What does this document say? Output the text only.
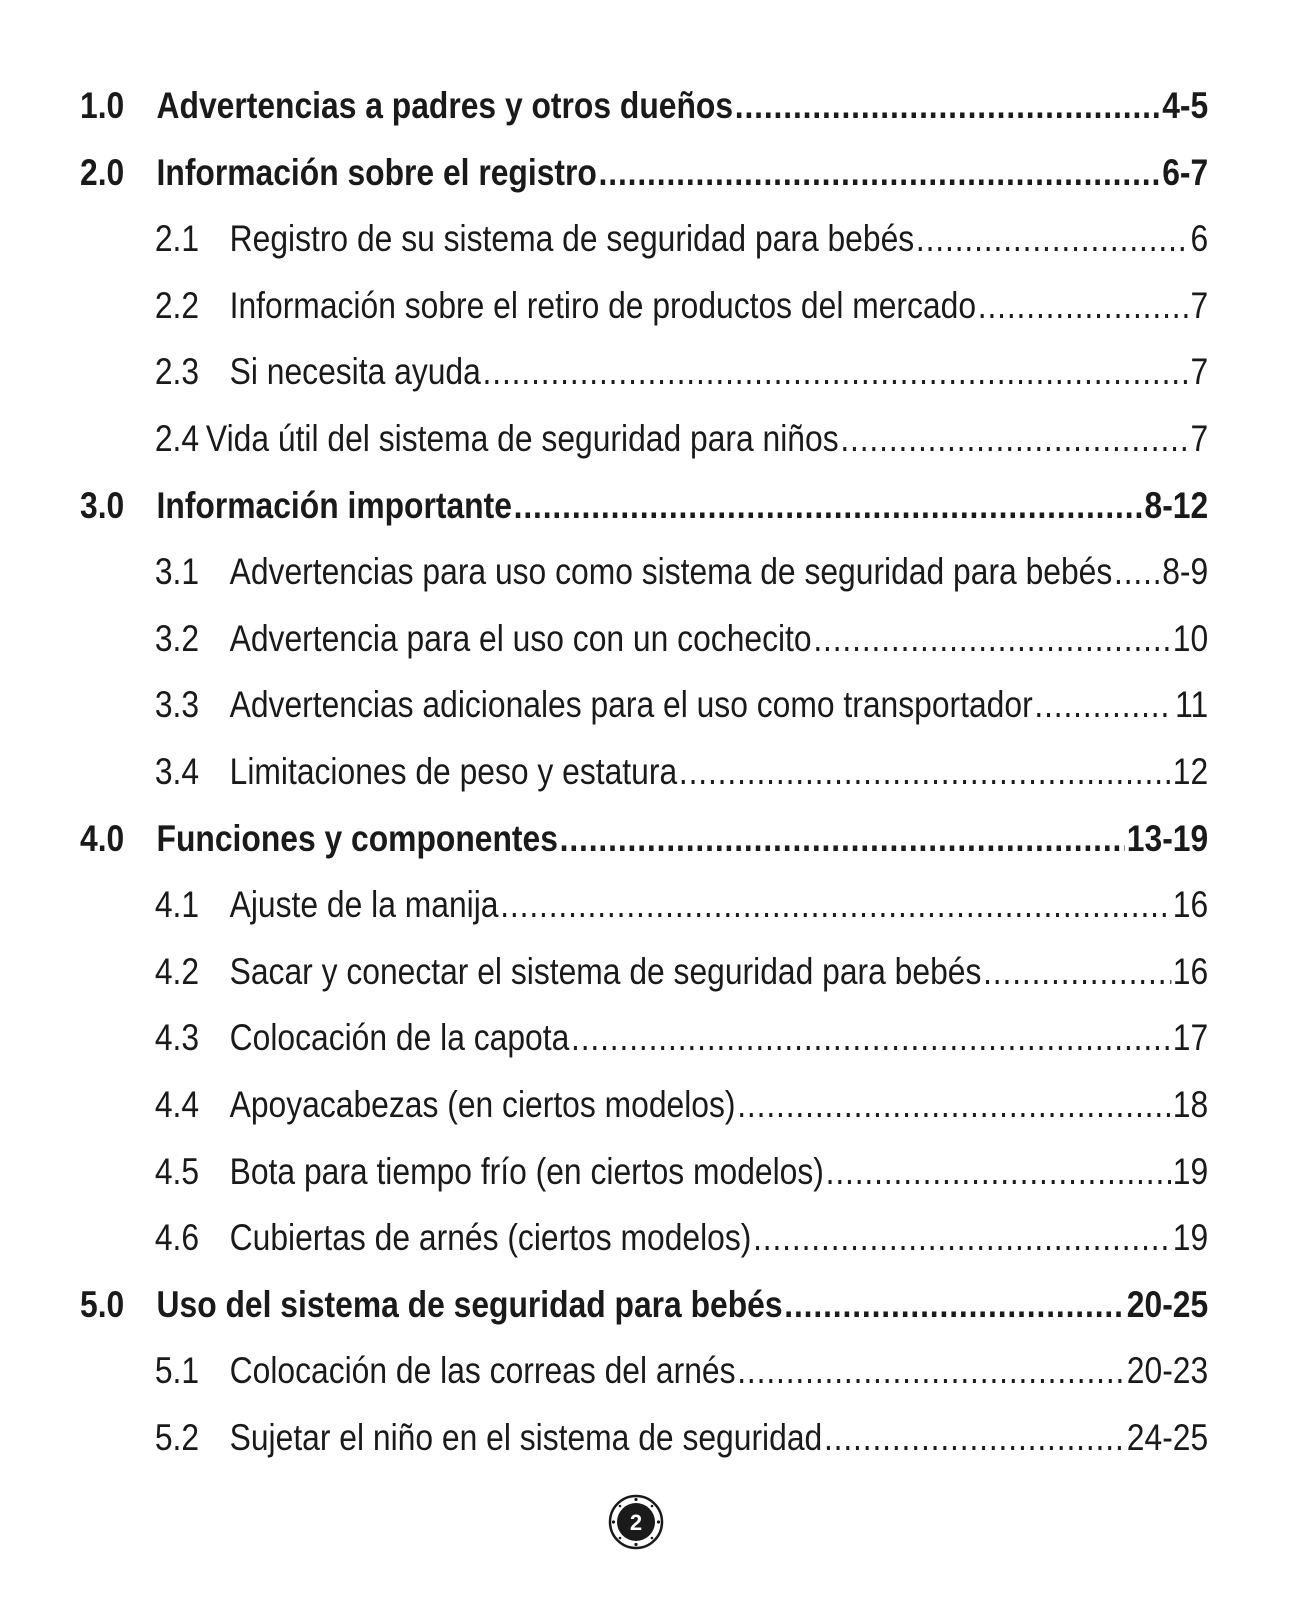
1.0 Advertencias a padres y otros dueños .....	4-5
2.0 Información sobre el registro .....	6-7
2.1 Registro de su sistema de seguridad para bebés .....	6
2.2 Información sobre el retiro de productos del mercado .....	7
2.3 Si necesita ayuda .....	7
2.4 Vida útil del sistema de seguridad para niños .....	7
3.0 Información importante .....	8-12
3.1 Advertencias para uso como sistema de seguridad para bebés ..... 8-9
3.2 Advertencia para el uso con un cochecito .....	10
3.3 Advertencias adicionales para el uso como transportador .....	11
3.4 Limitaciones de peso y estatura .....	12
4.0 Funciones y componentes .....	13-19
4.1 Ajuste de la manija .....	16
4.2 Sacar y conectar el sistema de seguridad para bebés .....	16
4.3 Colocación de la capota .....	17
4.4 Apoyacabezas (en ciertos modelos) .....	18
4.5 Bota para tiempo frío (en ciertos modelos) .....	19
4.6 Cubiertas de arnés (ciertos modelos) .....	19
5.0 Uso del sistema de seguridad para bebés .....	20-25
5.1 Colocación de las correas del arnés .....	20-23
5.2 Sujetar el niño en el sistema de seguridad .....	24-25
2
